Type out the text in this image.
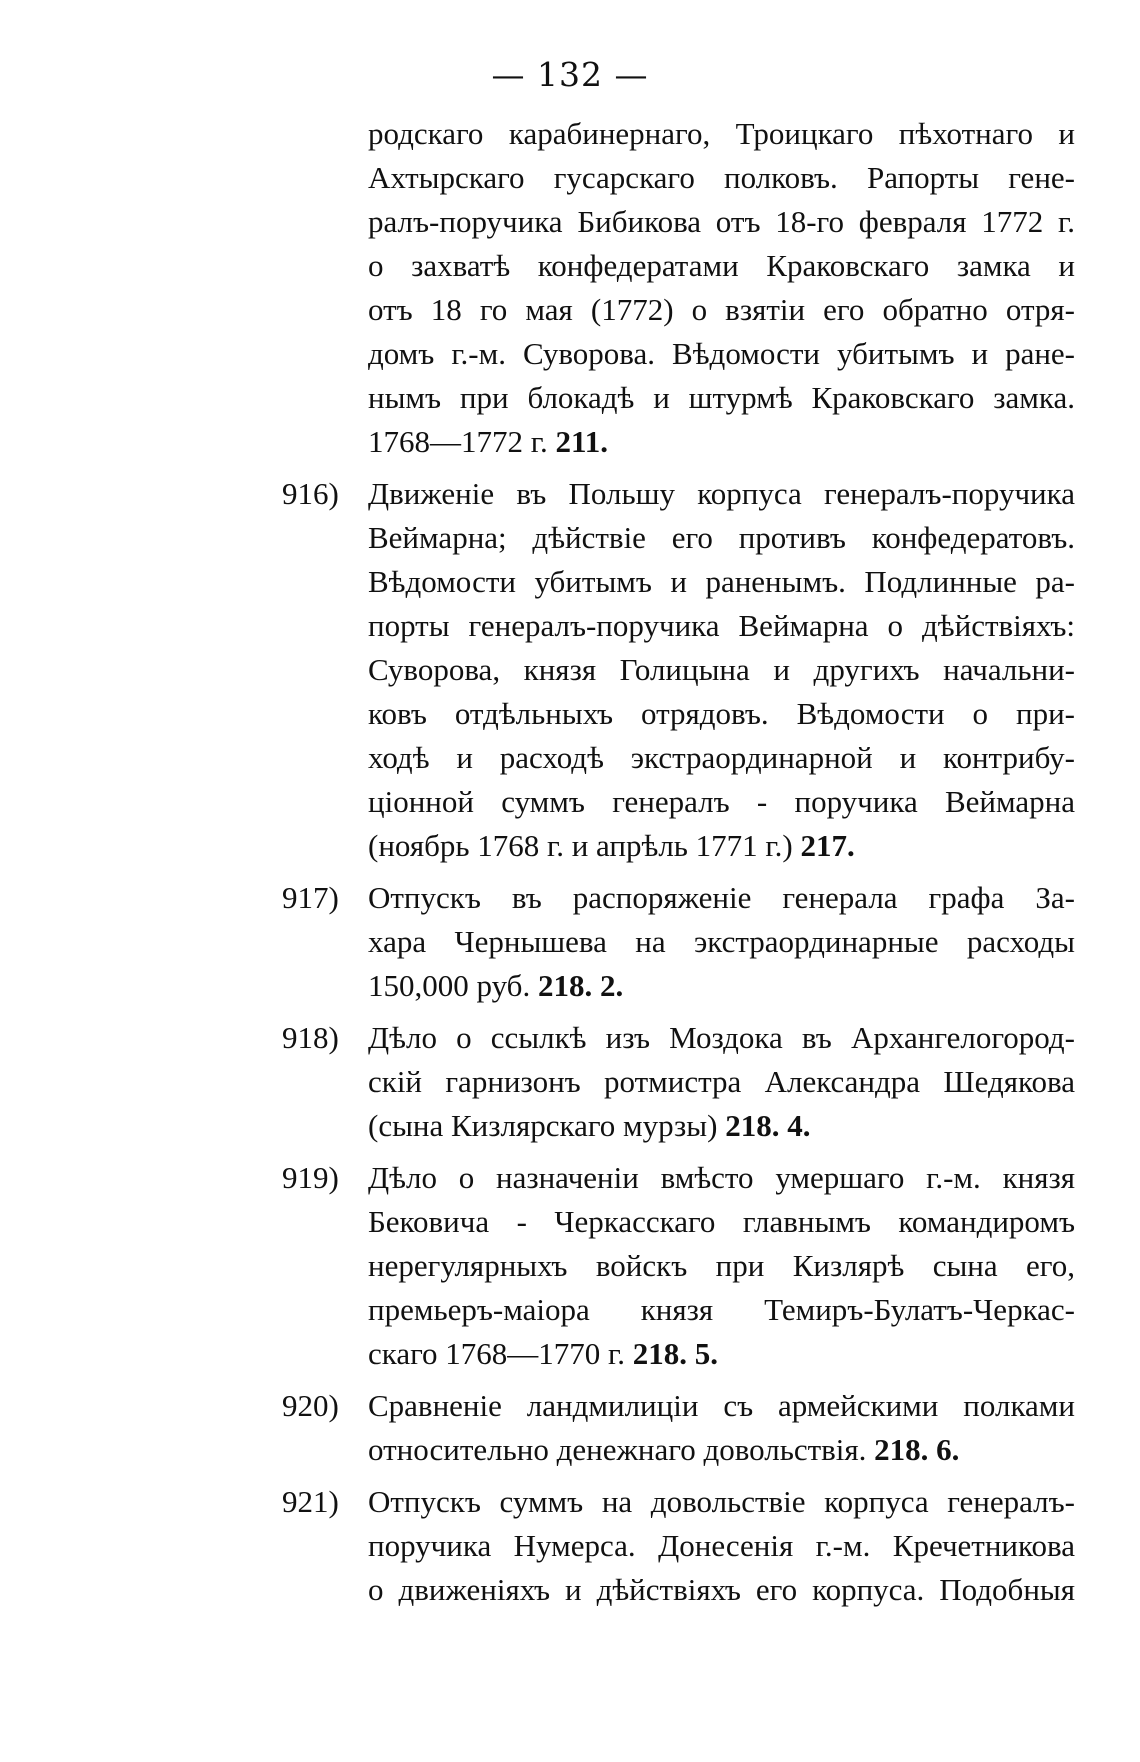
— 132 —
родскаго карабинернаго, Троицкаго пѣхотнаго и
Ахтырскаго гусарскаго полковъ. Рапорты гене-
ралъ-поручика Бибикова отъ 18-го февраля 1772 г.
о захватѣ конфедератами Краковскаго замка и
отъ 18 го мая (1772) о взятіи его обратно отря-
домъ г.-м. Суворова. Вѣдомости убитымъ и ране-
нымъ при блокадѣ и штурмѣ Краковскаго замка.
1768—1772 г. 211.
916) Движеніе въ Польшу корпуса генералъ-поручика
Веймарна; дѣйствіе его противъ конфедератовъ.
Вѣдомости убитымъ и раненымъ. Подлинные ра-
порты генералъ-поручика Веймарна о дѣйствіяхъ:
Суворова, князя Голицына и другихъ начальни-
ковъ отдѣльныхъ отрядовъ. Вѣдомости о при-
ходѣ и расходѣ экстраординарной и контрибу-
ціонной суммъ генералъ - поручика Веймарна
(ноябрь 1768 г. и апрѣль 1771 г.) 217.
917) Отпускъ въ распоряженіе генерала графа За-
хара Чернышева на экстраординарные расходы
150,000 руб. 218. 2.
918) Дѣло о ссылкѣ изъ Моздока въ Архангелогород-
скій гарнизонъ ротмистра Александра Шедякова
(сына Кизлярскаго мурзы) 218. 4.
919) Дѣло о назначеніи вмѣсто умершаго г.-м. князя
Бековича - Черкасскаго главнымъ командиромъ
нерегулярныхъ войскъ при Кизлярѣ сына его,
премьеръ-маіора князя Темиръ-Булатъ-Черкас-
скаго 1768—1770 г. 218. 5.
920) Сравненіе ландмилиціи съ армейскими полками
относительно денежнаго довольствія. 218. 6.
921) Отпускъ суммъ на довольствіе корпуса генералъ-
поручика Нумерса. Донесенія г.-м. Кречетникова
о движеніяхъ и дѣйствіяхъ его корпуса. Подобныя
